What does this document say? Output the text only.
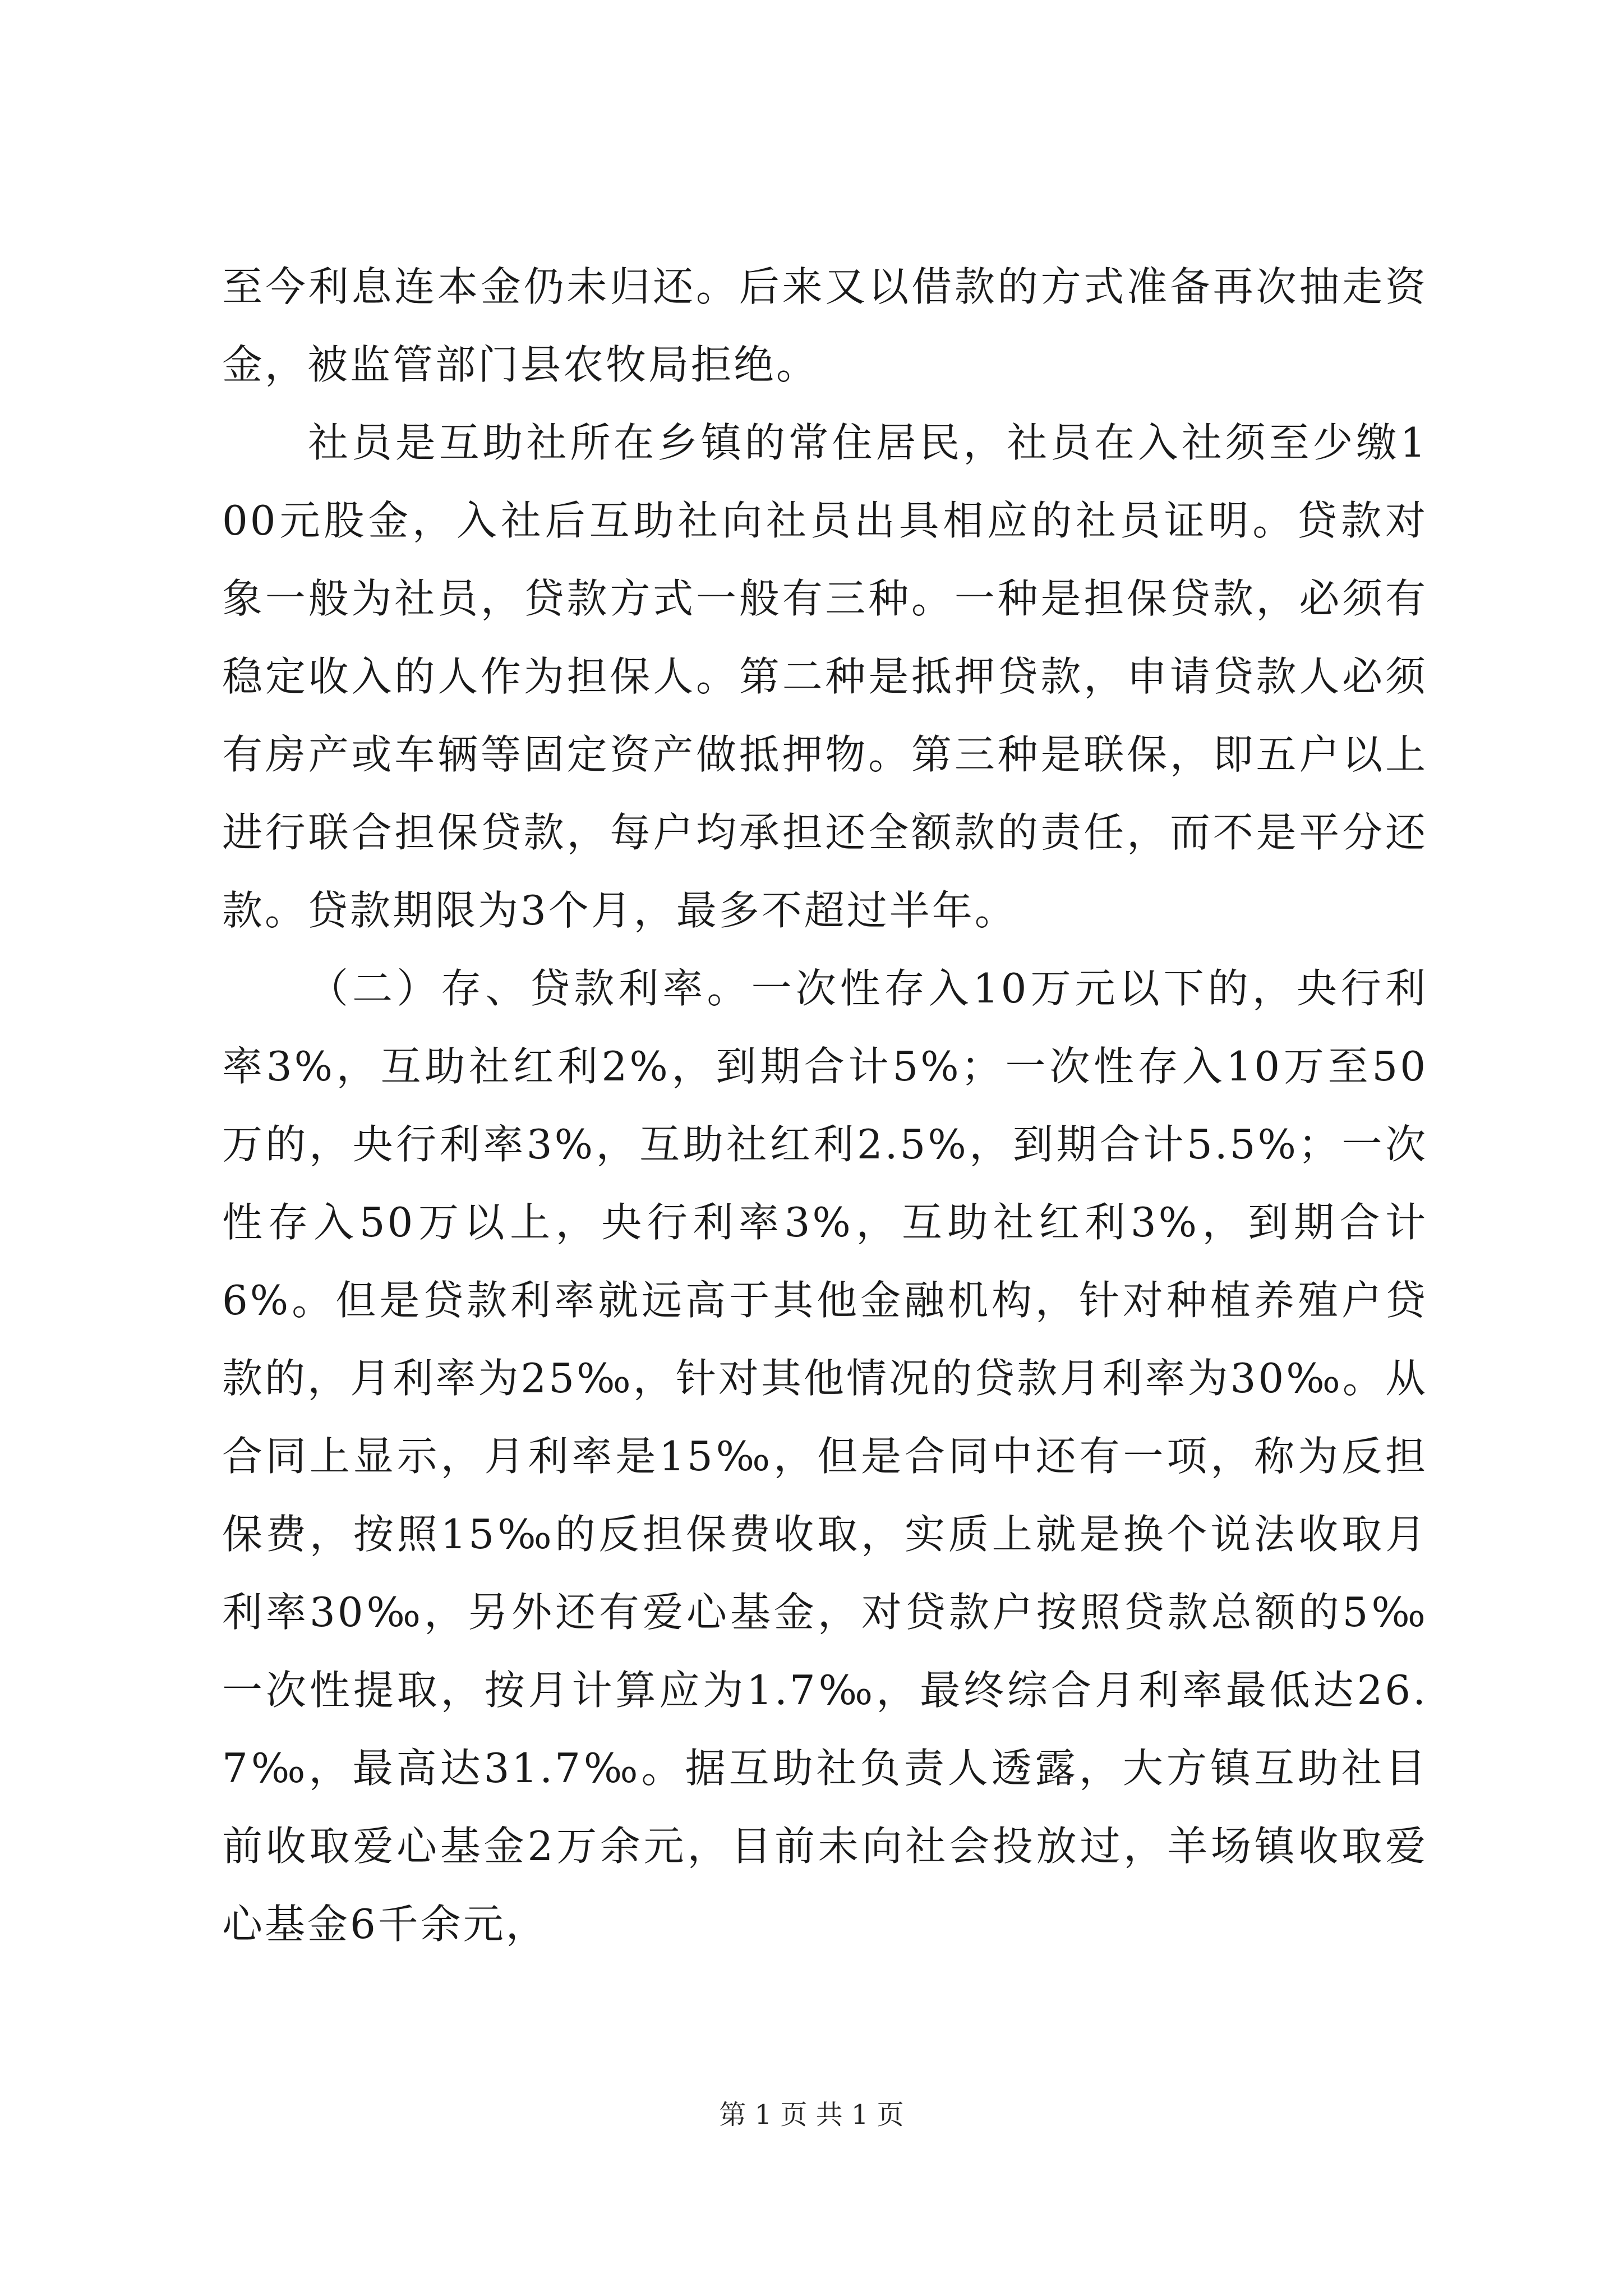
至今利息连本金仍未归还。后来又以借款的方式准备再次抽走资金，被监管部门县农牧局拒绝。

社员是互助社所在乡镇的常住居民，社员在入社须至少缴100元股金，入社后互助社向社员出具相应的社员证明。贷款对象一般为社员，贷款方式一般有三种。一种是担保贷款，必须有稳定收入的人作为担保人。第二种是抵押贷款，申请贷款人必须有房产或车辆等固定资产做抵押物。第三种是联保，即五户以上进行联合担保贷款，每户均承担还全额款的责任，而不是平分还款。贷款期限为3个月，最多不超过半年。

（二）存、贷款利率。一次性存入10万元以下的，央行利率3%，互助社红利2%，到期合计5%；一次性存入10万至50万的，央行利率3%，互助社红利2.5%，到期合计5.5%；一次性存入50万以上，央行利率3%，互助社红利3%，到期合计6%。但是贷款利率就远高于其他金融机构，针对种植养殖户贷款的，月利率为25‰，针对其他情况的贷款月利率为30‰。从合同上显示，月利率是15‰，但是合同中还有一项，称为反担保费，按照15‰的反担保费收取，实质上就是换个说法收取月利率30‰，另外还有爱心基金，对贷款户按照贷款总额的5‰一次性提取，按月计算应为1.7‰，最终综合月利率最低达26.7‰，最高达31.7‰。据互助社负责人透露，大方镇互助社目前收取爱心基金2万余元，目前未向社会投放过，羊场镇收取爱心基金6千余元，

第 1 页 共 1 页
